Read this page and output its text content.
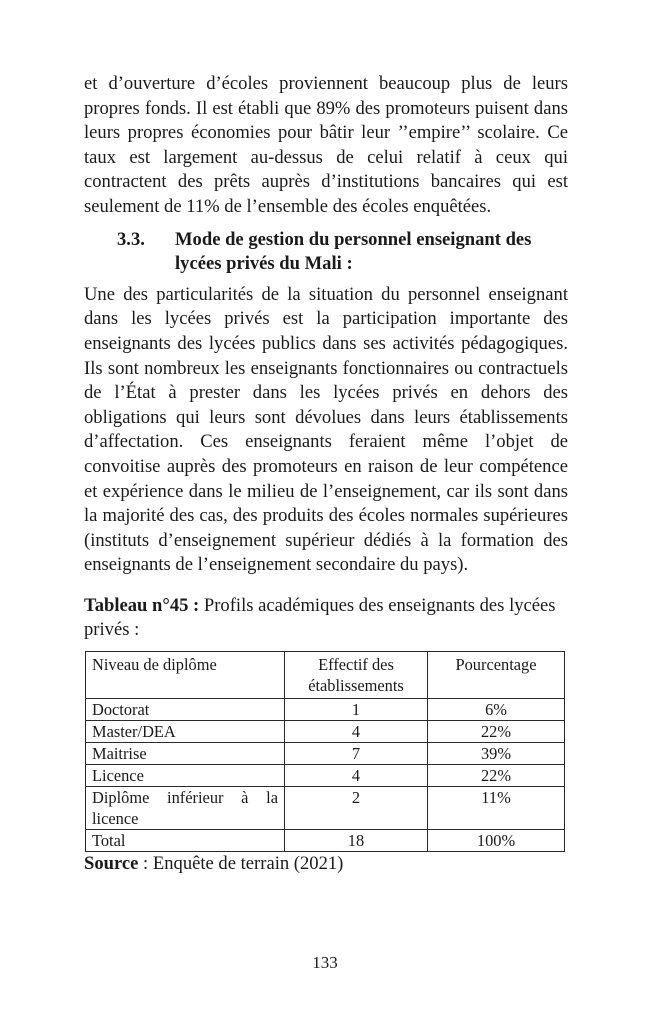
et d’ouverture d’écoles proviennent beaucoup plus de leurs propres fonds. Il est établi que 89% des promoteurs puisent dans leurs propres économies pour bâtir leur ’’empire’’ scolaire. Ce taux est largement au-dessus de celui relatif à ceux qui contractent des prêts auprès d’institutions bancaires qui est seulement de 11% de l’ensemble des écoles enquêtées.

3.3.	Mode de gestion du personnel enseignant des lycées privés du Mali :

Une des particularités de la situation du personnel enseignant dans les lycées privés est la participation importante des enseignants des lycées publics dans ses activités pédagogiques. Ils sont nombreux les enseignants fonctionnaires ou contractuels de l’État à prester dans les lycées privés en dehors des obligations qui leurs sont dévolues dans leurs établissements d’affectation. Ces enseignants feraient même l’objet de convoitise auprès des promoteurs en raison de leur compétence et expérience dans le milieu de l’enseignement, car ils sont dans la majorité des cas, des produits des écoles normales supérieures (instituts d’enseignement supérieur dédiés à la formation des enseignants de l’enseignement secondaire du pays).

Tableau n°45 : Profils académiques des enseignants des lycées privés :
Niveau de diplôme	Effectif des établissements	Pourcentage
Doctorat	1	6%
Master/DEA	4	22%
Maitrise	7	39%
Licence	4	22%
Diplôme inférieur à la licence	2	11%
Total	18	100%

Source : Enquête de terrain (2021)

133
